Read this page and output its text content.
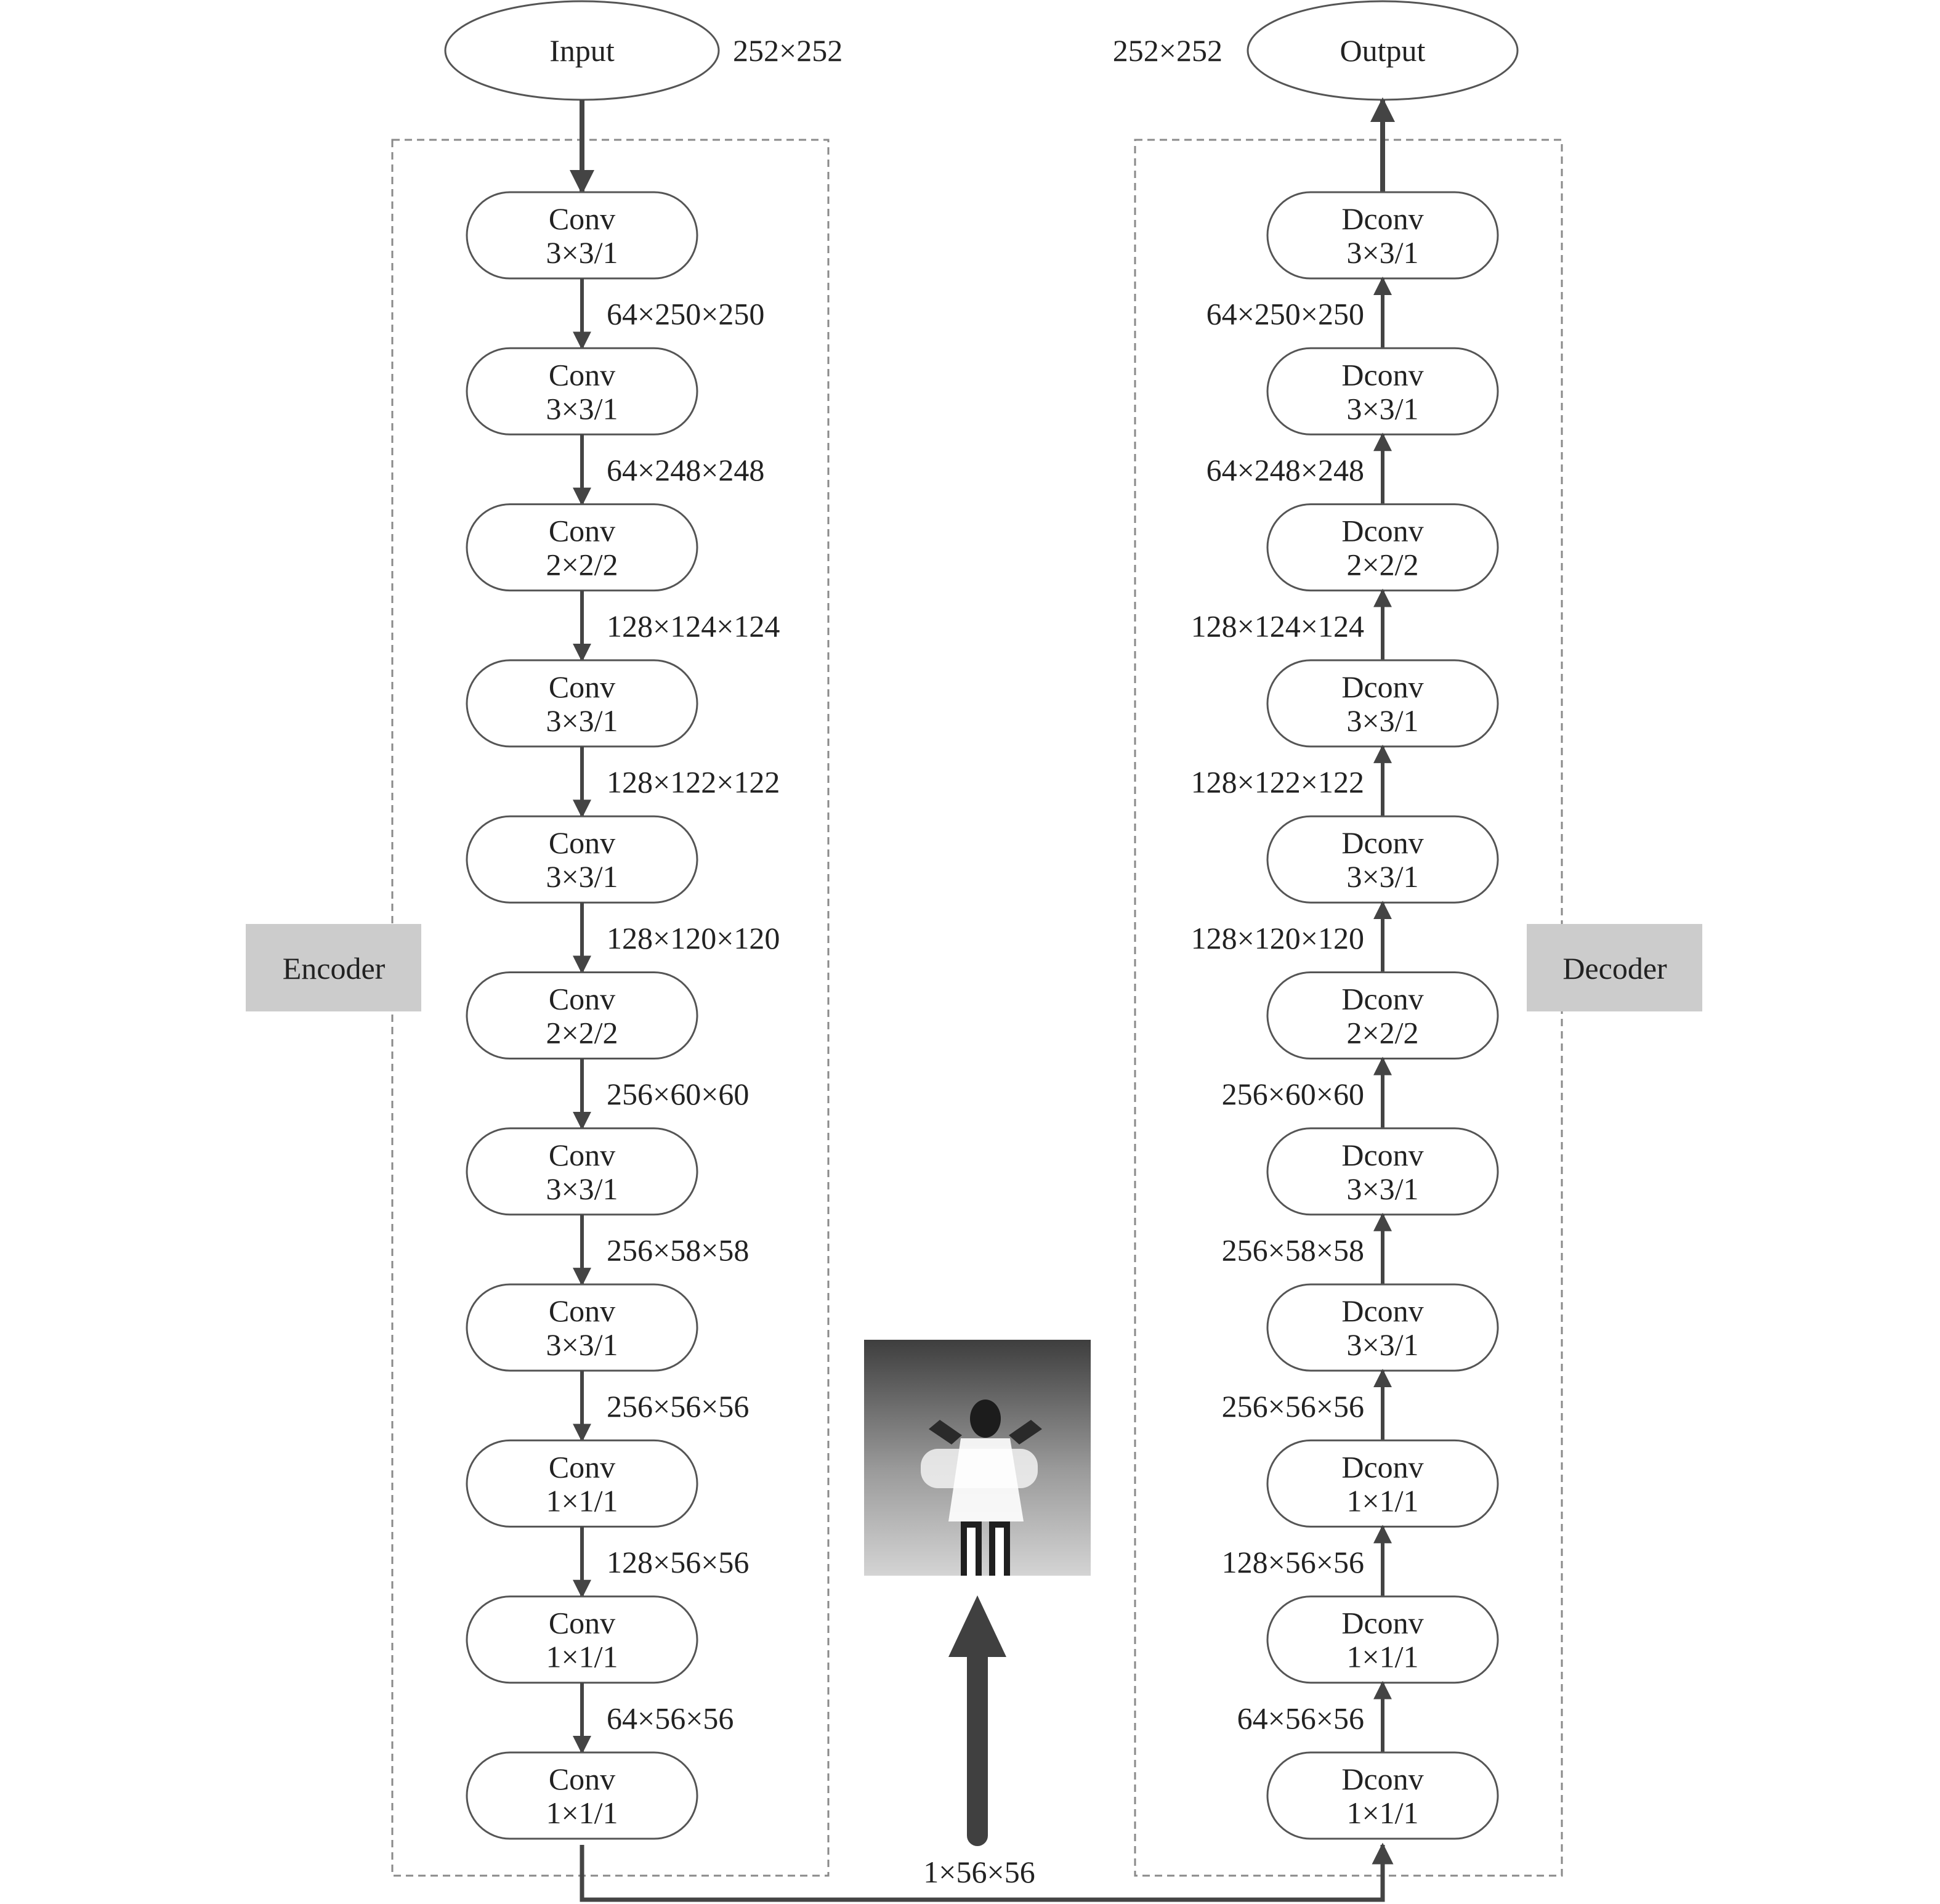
Encoder	Decoder
Input	252×252	Output
252×252
Conv
3×3/1
64×250×250
Conv
3×3/1
64×248×248
Conv
2×2/2
128×124×124
Conv
3×3/1
128×122×122
Conv
3×3/1
128×120×120
Conv
2×2/2
256×60×60
Conv
3×3/1
256×58×58
Conv
3×3/1
256×56×56
Conv
1×1/1
128×56×56
Conv
1×1/1
64×56×56
Conv
1×1/1
Dconv
3×3/1
64×250×250
Dconv
3×3/1
64×248×248
Dconv
2×2/2
128×124×124
Dconv
3×3/1
128×122×122
Dconv
3×3/1
128×120×120
Dconv
2×2/2
256×60×60
Dconv
3×3/1
256×58×58
Dconv
3×3/1
256×56×56
Dconv
1×1/1
128×56×56
Dconv
1×1/1
64×56×56
Dconv
1×1/1
1×56×56
